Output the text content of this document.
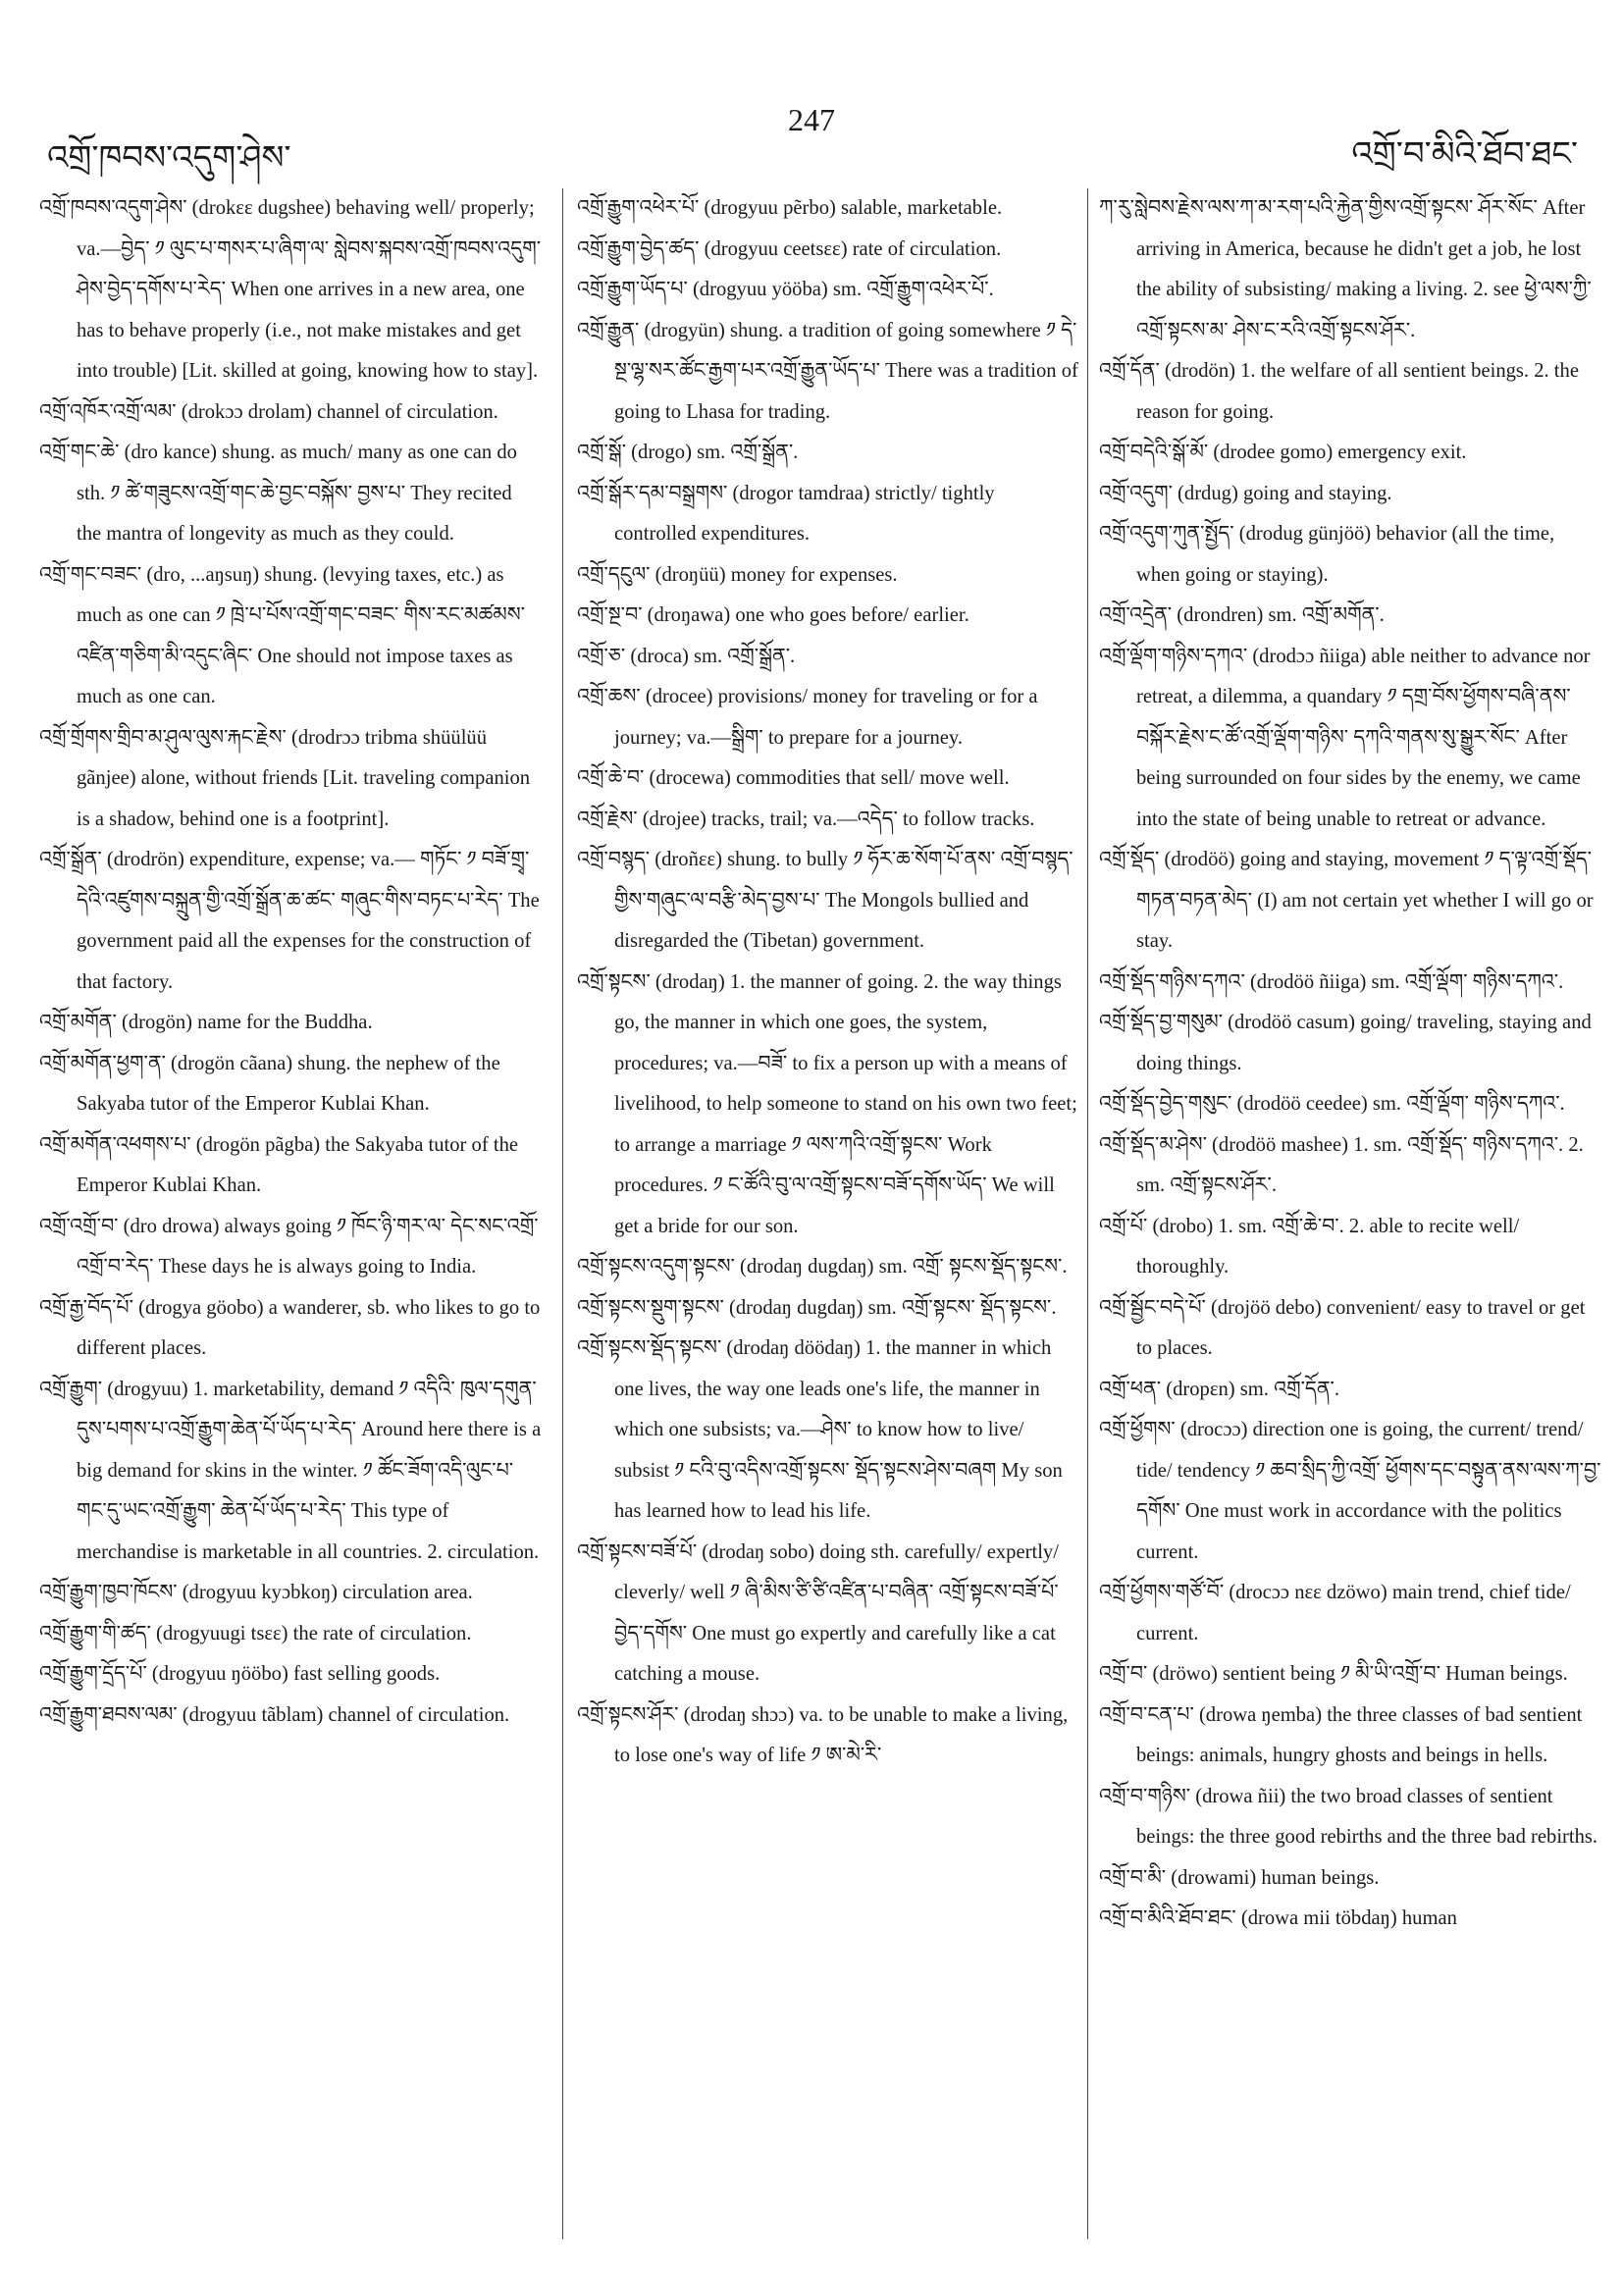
འགྲོ་ཁབས་འདུག་ཤེས་
247
འགྲོ་བ་མིའི་ཐོབ་ཐང་

འགྲོ་ཁབས་འདུག་ཤེས་ (drokεε dugshee) behaving well/ properly; va.—བྱེད་ ༡ ལུང་པ་གསར་པ་ཞིག་ལ་ སླེབས་སྐབས་འགྲོ་ཁབས་འདུག་ཤེས་བྱེད་དགོས་པ་རེད་ When one arrives in a new area, one has to behave properly (i.e., not make mistakes and get into trouble) [Lit. skilled at going, knowing how to stay].

འགྲོ་འཁོར་འགྲོ་ལམ་ (drokɔɔ drolam) channel of circulation.

འགྲོ་གང་ཆེ་ (dro kance) shung. as much/ many as one can do sth. ༡ ཚེ་གཟུངས་འགྲོ་གང་ཆེ་བྱང་བསྐོས་ བྱས་པ་ They recited the mantra of longevity as much as they could.

འགྲོ་གང་བཟང་ (dro, ...aŋsuŋ) shung. (levying taxes, etc.) as much as one can ༡ ཁྲེ་པ་པོས་འགྲོ་གང་བཟང་ གིས་རང་མཚམས་འཛིན་གཅིག་མི་འདུང་ཞིང་ One should not impose taxes as much as one can.

འགྲོ་གྲོགས་གྲིབ་མ་ཤུལ་ལུས་རྐང་རྗེས་ (drodrɔɔ tribma shüülüü gãnjee) alone, without friends [Lit. traveling companion is a shadow, behind one is a footprint].

འགྲོ་སྒྲོན་ (drodrön) expenditure, expense; va.— གཏོང་ ༡ བཟོ་གྲྭ་དེའི་འཛུགས་བསྐྲུན་གྱི་འགྲོ་སྒྲོན་ཆ་ཚང་ གཞུང་གིས་བཏང་པ་རེད་ The government paid all the expenses for the construction of that factory.

འགྲོ་མགོན་ (drogön) name for the Buddha.

འགྲོ་མགོན་ཕྱག་ན་ (drogön cãana) shung. the nephew of the Sakyaba tutor of the Emperor Kublai Khan.

འགྲོ་མགོན་འཕགས་པ་ (drogön pãgba) the Sakyaba tutor of the Emperor Kublai Khan.

འགྲོ་འགྲོ་བ་ (dro drowa) always going ༡ ཁོང་ཉི་གར་ལ་ དེང་སང་འགྲོ་འགྲོ་བ་རེད་ These days he is always going to India.

འགྲོ་རྒྱ་བོད་པོ་ (drogya göobo) a wanderer, sb. who likes to go to different places.

འགྲོ་རྒྱུག་ (drogyuu) 1. marketability, demand ༡ འདིའི་ ཁུལ་དགུན་དུས་པགས་པ་འགྲོ་རྒྱུག་ཆེན་པོ་ཡོད་པ་རེད་ Around here there is a big demand for skins in the winter. ༡ ཚོང་ཟོག་འདི་ལུང་པ་གང་དུ་ཡང་འགྲོ་རྒྱུག་ ཆེན་པོ་ཡོད་པ་རེད་ This type of merchandise is marketable in all countries. 2. circulation.

འགྲོ་རྒྱུག་ཁྱབ་ཁོངས་ (drogyuu kyɔbkoŋ) circulation area.

འགྲོ་རྒྱུག་གི་ཚད་ (drogyuugi tsεε) the rate of circulation.

འགྲོ་རྒྱུག་དྲོད་པོ་ (drogyuu ŋööbo) fast selling goods.

འགྲོ་རྒྱུག་ཐབས་ལམ་ (drogyuu tãblam) channel of circulation.

འགྲོ་རྒྱུག་འཕེར་པོ་ (drogyuu pẽrbo) salable, marketable.

འགྲོ་རྒྱུག་བྱེད་ཚད་ (drogyuu ceetsεε) rate of circulation.

འགྲོ་རྒྱུག་ཡོད་པ་ (drogyuu yööba) sm. འགྲོ་རྒྱུག་འཕེར་པོ་.

འགྲོ་རྒྱུན་ (drogyün) shung. a tradition of going somewhere ༡ དེ་སྔ་ལྷ་སར་ཚོང་རྒྱག་པར་འགྲོ་རྒྱུན་ཡོད་པ་ There was a tradition of going to Lhasa for trading.

འགྲོ་སྒོ་ (drogo) sm. འགྲོ་སྒྲོན་.

འགྲོ་སྒོར་དམ་བསྒྲགས་ (drogor tamdraa) strictly/ tightly controlled expenditures.

འགྲོ་དངུལ་ (droŋüü) money for expenses.

འགྲོ་སྔ་བ་ (droŋawa) one who goes before/ earlier.

འགྲོ་ཅ་ (droca) sm. འགྲོ་སྒྲོན་.

འགྲོ་ཆས་ (drocee) provisions/ money for traveling or for a journey; va.—སྒྲིག་ to prepare for a journey.

འགྲོ་ཆེ་བ་ (drocewa) commodities that sell/ move well.

འགྲོ་རྗེས་ (drojee) tracks, trail; va.—འདེད་ to follow tracks.

འགྲོ་བསྙད་ (droñεε) shung. to bully ༡ ཧོར་ཆ་སོག་པོ་ནས་ འགྲོ་བསྙད་གྱིས་གཞུང་ལ་བརྩི་མེད་བྱས་པ་ The Mongols bullied and disregarded the (Tibetan) government.

འགྲོ་སྟངས་ (drodaŋ) 1. the manner of going. 2. the way things go, the manner in which one goes, the system, procedures; va.—བཟོ་ to fix a person up with a means of livelihood, to help someone to stand on his own two feet; to arrange a marriage ༡ ལས་ཀའི་འགྲོ་སྟངས་ Work procedures. ༡ ང་ཚོའི་བུ་ལ་འགྲོ་སྟངས་བཟོ་དགོས་ཡོད་ We will get a bride for our son.

འགྲོ་སྟངས་འདུག་སྟངས་ (drodaŋ dugdaŋ) sm. འགྲོ་ སྟངས་སྡོད་སྟངས་.

འགྲོ་སྟངས་སྡུག་སྟངས་ (drodaŋ dugdaŋ) sm. འགྲོ་སྟངས་ སྡོད་སྟངས་.

འགྲོ་སྟངས་སྡོད་སྟངས་ (drodaŋ döödaŋ) 1. the manner in which one lives, the way one leads one's life, the manner in which one subsists; va.—ཤེས་ to know how to live/ subsist ༡ ངའི་བུ་འདིས་འགྲོ་སྟངས་ སྡོད་སྟངས་ཤེས་བཞག My son has learned how to lead his life.

འགྲོ་སྟངས་བཟོ་པོ་ (drodaŋ sobo) doing sth. carefully/ expertly/ cleverly/ well ༡ ཞི་མིས་ཙི་ཙི་འཛིན་པ་བཞིན་ འགྲོ་སྟངས་བཟོ་པོ་བྱེད་དགོས་ One must go expertly and carefully like a cat catching a mouse.

འགྲོ་སྟངས་ཤོར་ (drodaŋ shɔɔ) va. to be unable to make a living, to lose one's way of life ༡ ཨ་མེ་རི་

ཀ་རུ་སླེབས་རྗེས་ལས་ཀ་མ་རག་པའི་རྐྱེན་གྱིས་འགྲོ་སྟངས་ ཤོར་སོང་ After arriving in America, because he didn't get a job, he lost the ability of subsisting/ making a living. 2. see ཕྱེ་ལས་ཀྱི་འགྲོ་སྟངས་མ་ ཤེས་ང་རའི་འགྲོ་སྟངས་ཤོར་.

འགྲོ་དོན་ (drodön) 1. the welfare of all sentient beings. 2. the reason for going.

འགྲོ་བདེའི་སྒོ་མོ་ (drodee gomo) emergency exit.

འགྲོ་འདུག་ (drdug) going and staying.

འགྲོ་འདུག་ཀུན་སྤྱོད་ (drodug günjöö) behavior (all the time, when going or staying).

འགྲོ་འདྲེན་ (drondren) sm. འགྲོ་མགོན་.

འགྲོ་ལྡོག་གཉིས་དཀའ་ (drodɔɔ ñiiga) able neither to advance nor retreat, a dilemma, a quandary ༡ དགྲ་བོས་ཕྱོགས་བཞི་ནས་བསྐོར་རྗེས་ང་ཚོ་འགྲོ་ལྡོག་གཉིས་ དཀའི་གནས་སུ་སྒྱུར་སོང་ After being surrounded on four sides by the enemy, we came into the state of being unable to retreat or advance.

འགྲོ་སྡོད་ (drodöö) going and staying, movement ༡ ད་ལྟ་འགྲོ་སྡོད་གཏན་བཏན་མེད་ (I) am not certain yet whether I will go or stay.

འགྲོ་སྡོད་གཉིས་དཀའ་ (drodöö ñiiga) sm. འགྲོ་ལྡོག་ གཉིས་དཀའ་.

འགྲོ་སྡོད་བྱ་གསུམ་ (drodöö casum) going/ traveling, staying and doing things.

འགྲོ་སྡོད་བྱེད་གསུང་ (drodöö ceedee) sm. འགྲོ་ལྡོག་ གཉིས་དཀའ་.

འགྲོ་སྡོད་མ་ཤེས་ (drodöö mashee) 1. sm. འགྲོ་སྡོད་ གཉིས་དཀའ་. 2. sm. འགྲོ་སྟངས་ཤོར་.

འགྲོ་པོ་ (drobo) 1. sm. འགྲོ་ཆེ་བ་. 2. able to recite well/ thoroughly.

འགྲོ་སྦྱོང་བདེ་པོ་ (drojöö debo) convenient/ easy to travel or get to places.

འགྲོ་ཕན་ (dropεn) sm. འགྲོ་དོན་.

འགྲོ་ཕྱོགས་ (drocɔɔ) direction one is going, the current/ trend/ tide/ tendency ༡ ཆབ་སྲིད་ཀྱི་འགྲོ་ ཕྱོགས་དང་བསྟུན་ནས་ལས་ཀ་བྱ་དགོས་ One must work in accordance with the politics current.

འགྲོ་ཕྱོགས་གཙོ་བོ་ (drocɔɔ nεε dzöwo) main trend, chief tide/ current.

འགྲོ་བ་ (dröwo) sentient being ༡ མི་ཡི་འགྲོ་བ་ Human beings.

འགྲོ་བ་ངན་པ་ (drowa ŋemba) the three classes of bad sentient beings: animals, hungry ghosts and beings in hells.

འགྲོ་བ་གཉིས་ (drowa ñii) the two broad classes of sentient beings: the three good rebirths and the three bad rebirths.

འགྲོ་བ་མི་ (drowami) human beings.

འགྲོ་བ་མིའི་ཐོབ་ཐང་ (drowa mii töbdaŋ) human
